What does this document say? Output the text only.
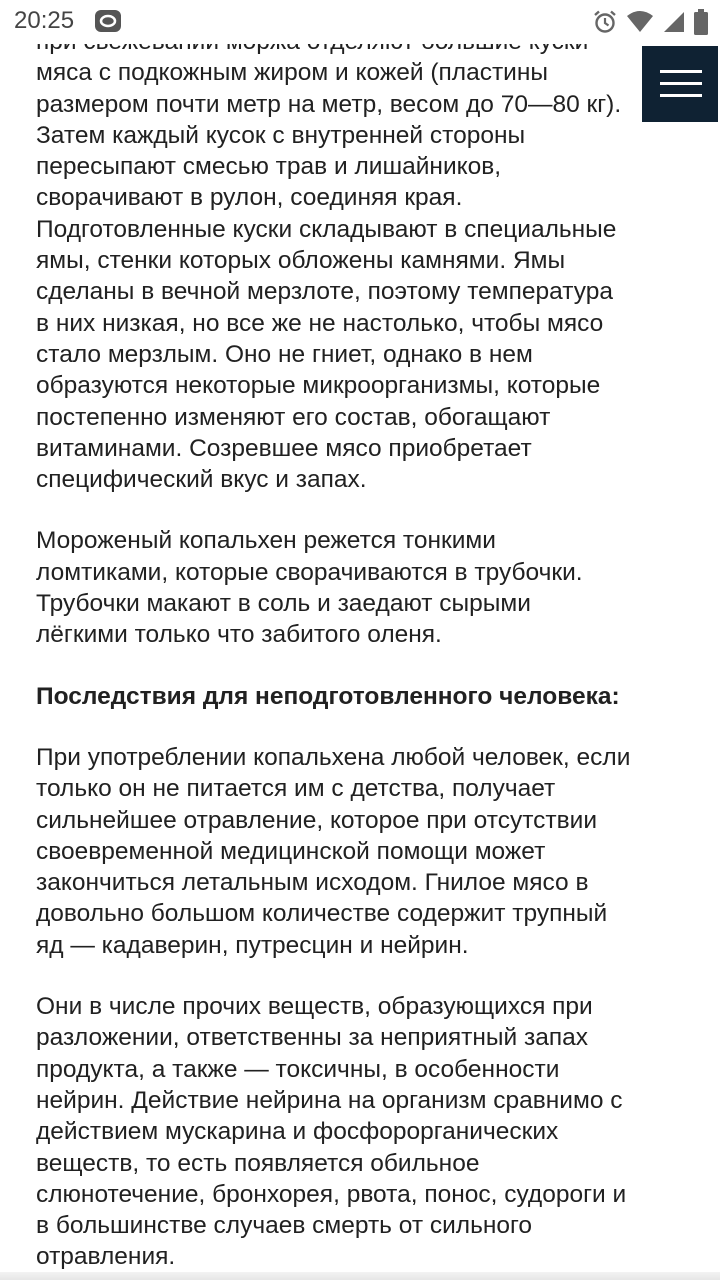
20:25

мяса с подкожным жиром и кожей (пластины
размером почти метр на метр, весом до 70—80 кг).
Затем каждый кусок с внутренней стороны
пересыпают смесью трав и лишайников,
сворачивают в рулон, соединяя края.
Подготовленные куски складывают в специальные
ямы, стенки которых обложены камнями. Ямы
сделаны в вечной мерзлоте, поэтому температура
в них низкая, но все же не настолько, чтобы мясо
стало мерзлым. Оно не гниет, однако в нем
образуются некоторые микроорганизмы, которые
постепенно изменяют его состав, обогащают
витаминами. Созревшее мясо приобретает
специфический вкус и запах.

Мороженый копальхен режется тонкими
ломтиками, которые сворачиваются в трубочки.
Трубочки макают в соль и заедают сырыми
лёгкими только что забитого оленя.

Последствия для неподготовленного человека:

При употреблении копальхена любой человек, если
только он не питается им с детства, получает
сильнейшее отравление, которое при отсутствии
своевременной медицинской помощи может
закончиться летальным исходом. Гнилое мясо в
довольно большом количестве содержит трупный
яд — кадаверин, путресцин и нейрин.

Они в числе прочих веществ, образующихся при
разложении, ответственны за неприятный запах
продукта, а также — токсичны, в особенности
нейрин. Действие нейрина на организм сравнимо с
действием мускарина и фосфорорганических
веществ, то есть появляется обильное
слюнотечение, бронхорея, рвота, понос, судороги и
в большинстве случаев смерть от сильного
отравления.
